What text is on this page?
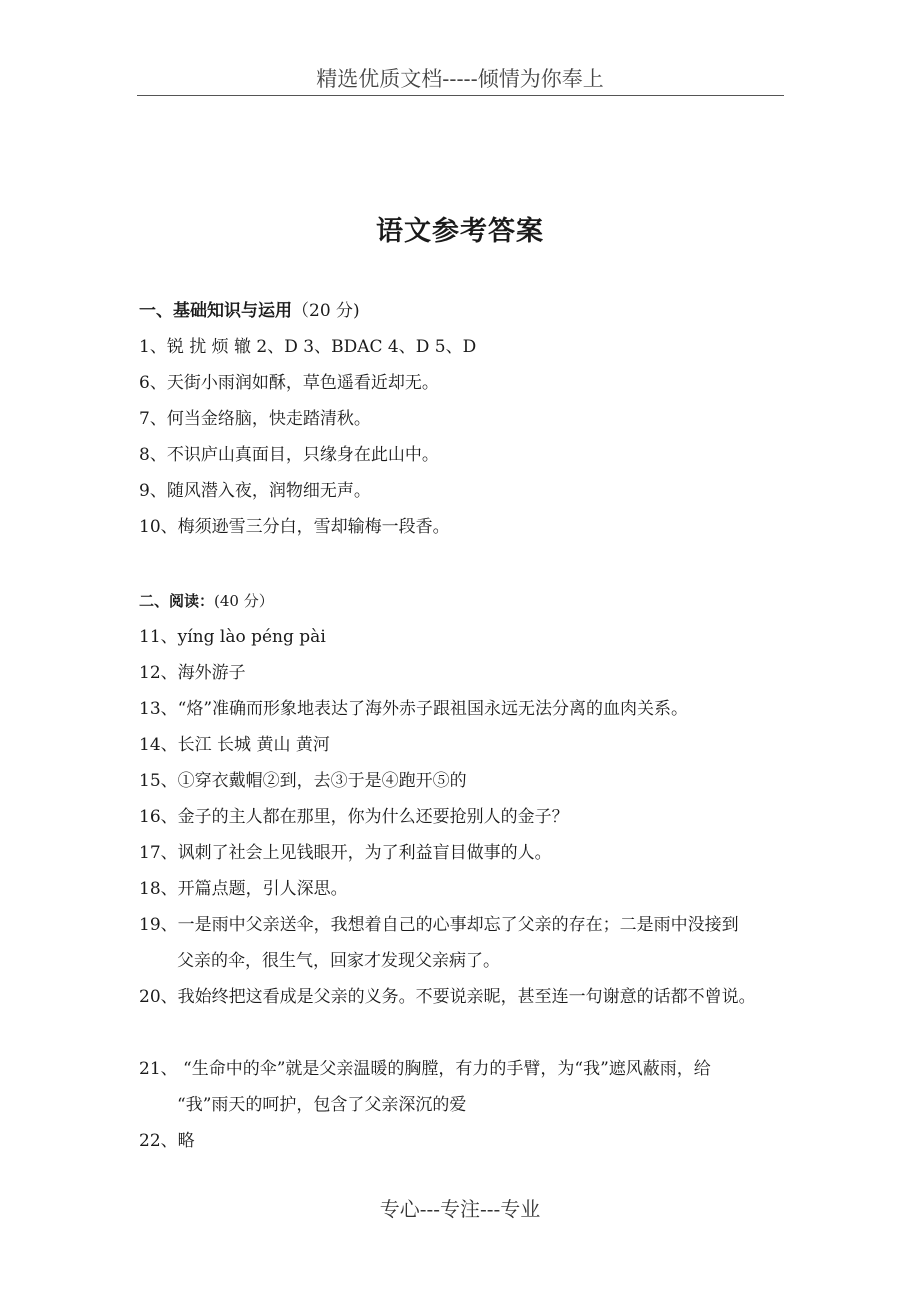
精选优质文档-----倾情为你奉上
语文参考答案
一、基础知识与运用（20 分)
1、锐 扰 烦 辙 2、D 3、BDAC 4、D 5、D
6、天街小雨润如酥，草色遥看近却无。
7、何当金络脑，快走踏清秋。
8、不识庐山真面目，只缘身在此山中。
9、随风潜入夜，润物细无声。
10、梅须逊雪三分白，雪却输梅一段香。
二、阅读：(40 分）
11、yíng lào péng pài
12、海外游子
13、“烙”准确而形象地表达了海外赤子跟祖国永远无法分离的血肉关系。
14、长江 长城 黄山 黄河
15、①穿衣戴帽②到，去③于是④跑开⑤的
16、金子的主人都在那里，你为什么还要抢别人的金子？
17、讽刺了社会上见钱眼开，为了利益盲目做事的人。
18、开篇点题，引人深思。
19、一是雨中父亲送伞，我想着自己的心事却忘了父亲的存在；二是雨中没接到
父亲的伞，很生气，回家才发现父亲病了。
20、我始终把这看成是父亲的义务。不要说亲昵，甚至连一句谢意的话都不曾说。
21、 “生命中的伞”就是父亲温暖的胸膛，有力的手臂，为“我”遮风蔽雨，给
“我”雨天的呵护，包含了父亲深沉的爱
22、略
专心---专注---专业
